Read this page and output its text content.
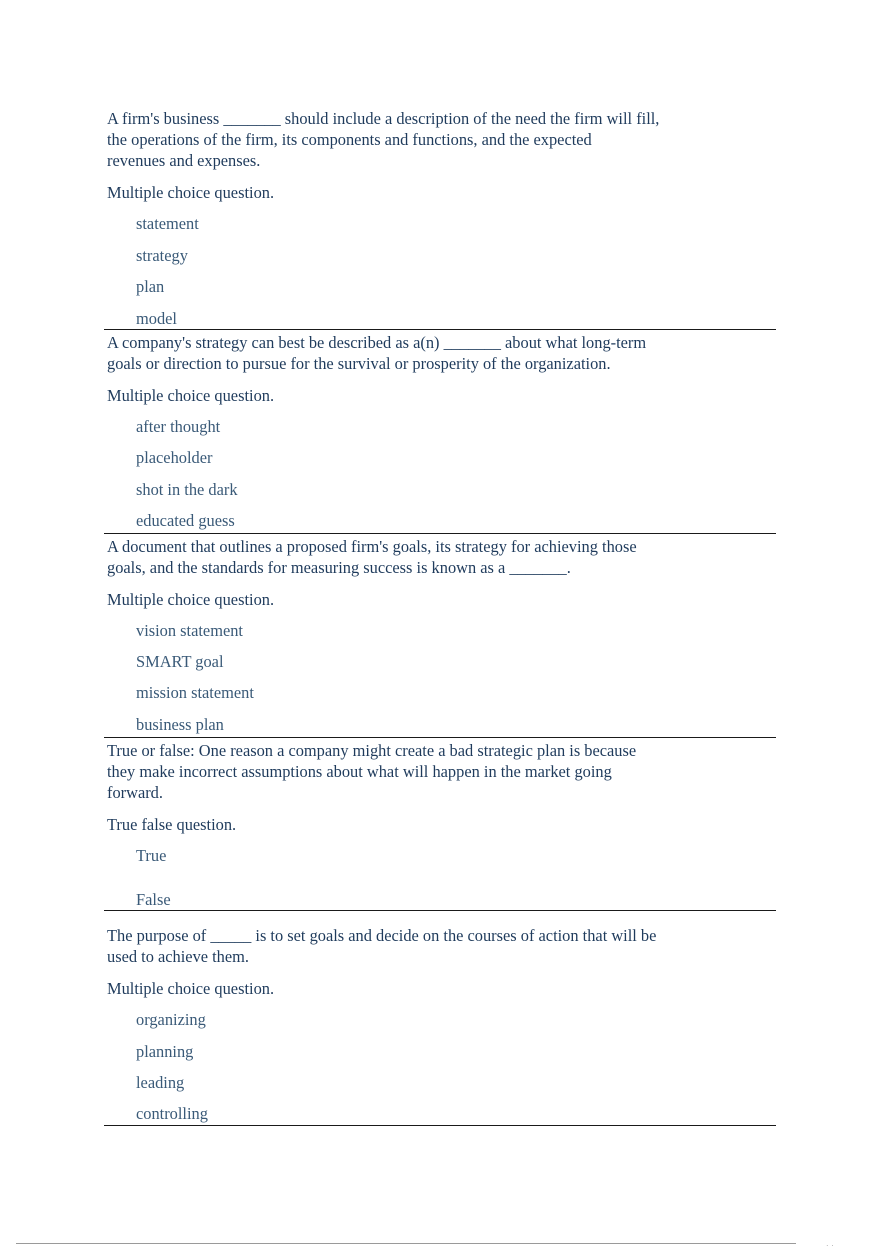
A firm's business _______ should include a description of the need the firm will fill,
the operations of the firm, its components and functions, and the expected
revenues and expenses.

Multiple choice question.

statement
strategy
plan
model

A company's strategy can best be described as a(n) _______ about what long-term
goals or direction to pursue for the survival or prosperity of the organization.

Multiple choice question.

after thought
placeholder
shot in the dark
educated guess

A document that outlines a proposed firm's goals, its strategy for achieving those
goals, and the standards for measuring success is known as a _______.

Multiple choice question.

vision statement
SMART goal
mission statement
business plan

True or false: One reason a company might create a bad strategic plan is because
they make incorrect assumptions about what will happen in the market going
forward.

True false question.

True
False

The purpose of _____ is to set goals and decide on the courses of action that will be
used to achieve them.

Multiple choice question.

organizing
planning
leading
controlling
. .
